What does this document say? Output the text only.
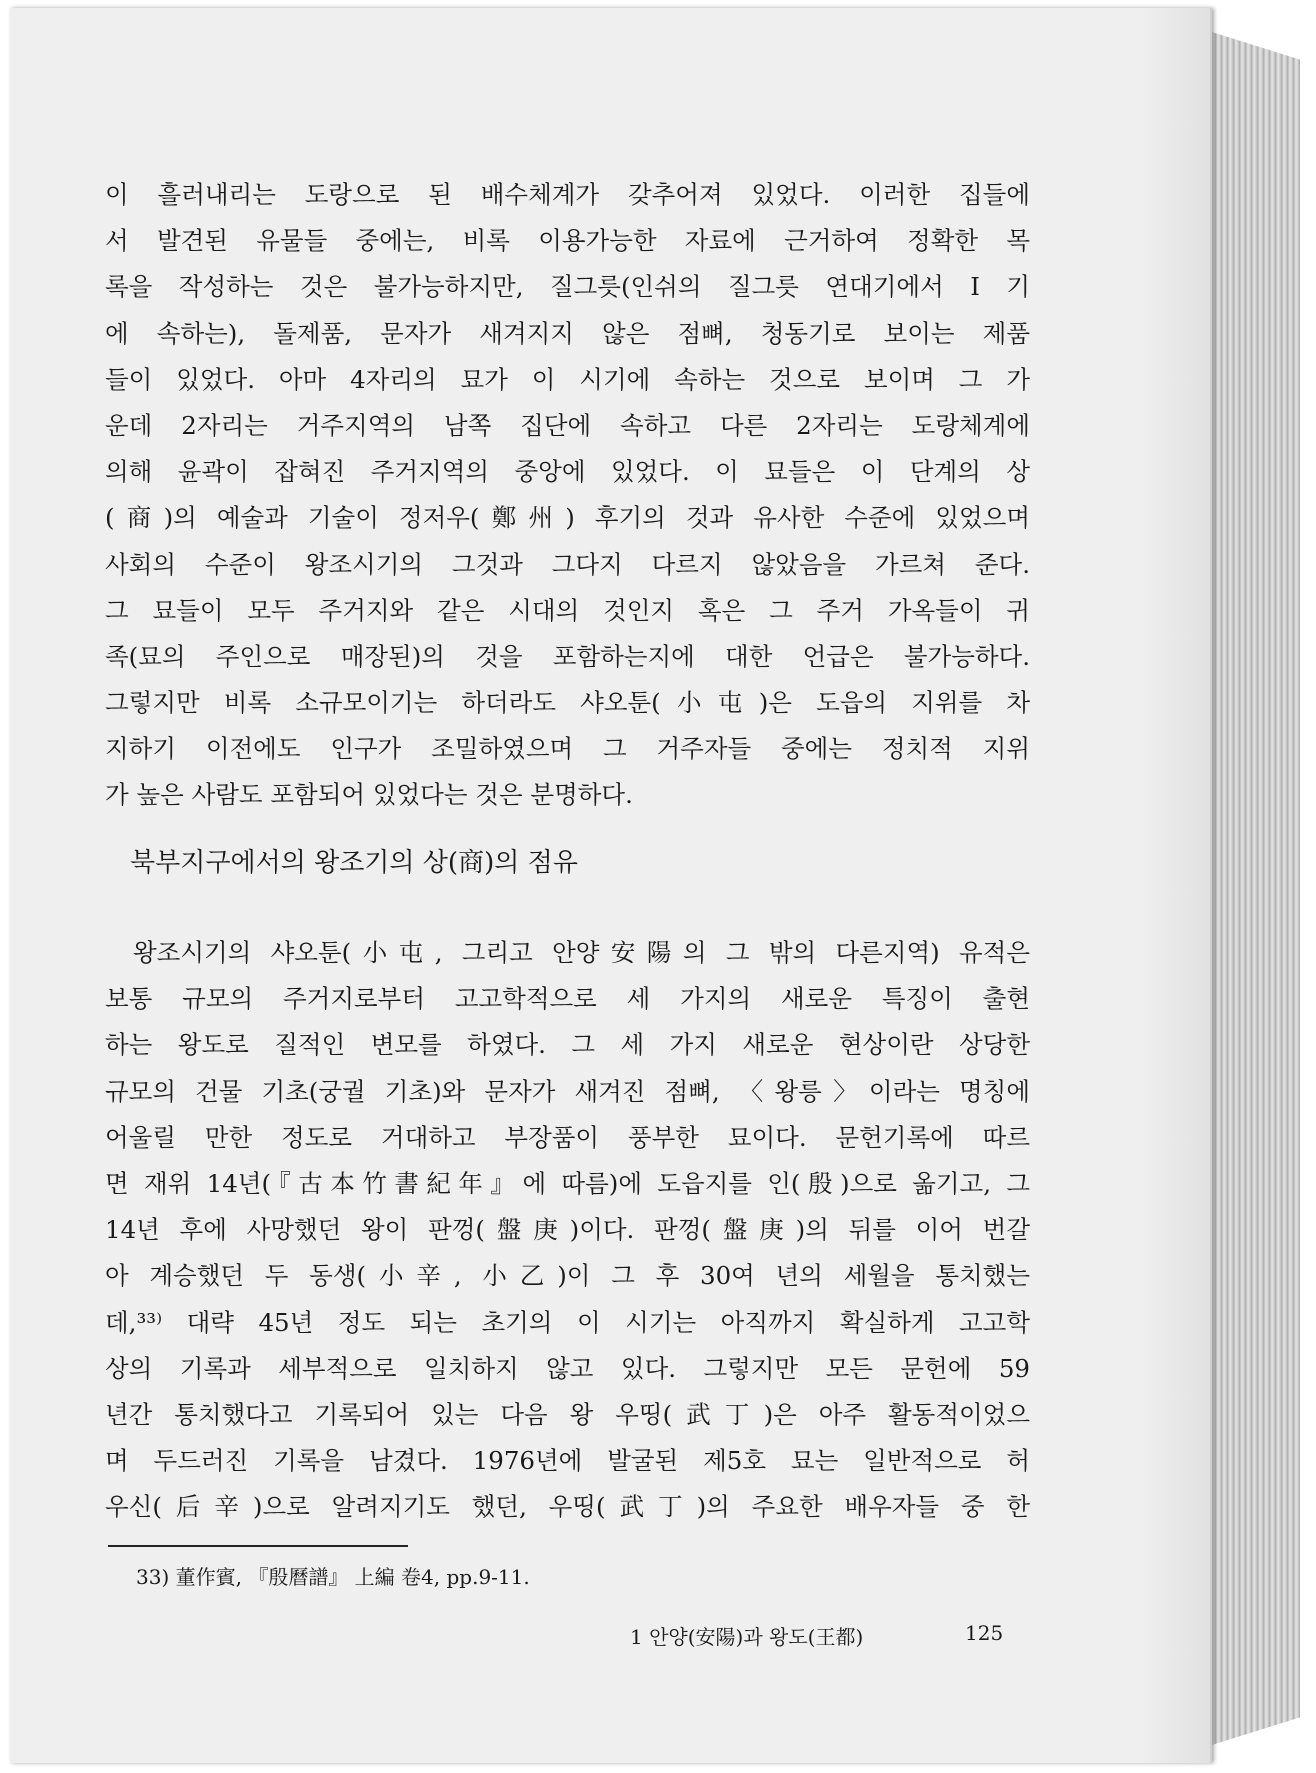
이 흘러내리는 도랑으로 된 배수체계가 갖추어져 있었다. 이러한 집들에
서 발견된 유물들 중에는, 비록 이용가능한 자료에 근거하여 정확한 목
록을 작성하는 것은 불가능하지만, 질그릇(인쉬의 질그릇 연대기에서 I 기
에 속하는), 돌제품, 문자가 새겨지지 않은 점뼈, 청동기로 보이는 제품
들이 있었다. 아마 4자리의 묘가 이 시기에 속하는 것으로 보이며 그 가
운데 2자리는 거주지역의 남쪽 집단에 속하고 다른 2자리는 도랑체계에
의해 윤곽이 잡혀진 주거지역의 중앙에 있었다. 이 묘들은 이 단계의 상
(商)의 예술과 기술이 정저우(鄭州) 후기의 것과 유사한 수준에 있었으며
사회의 수준이 왕조시기의 그것과 그다지 다르지 않았음을 가르쳐 준다.
그 묘들이 모두 주거지와 같은 시대의 것인지 혹은 그 주거 가옥들이 귀
족(묘의 주인으로 매장된)의 것을 포함하는지에 대한 언급은 불가능하다.
그렇지만 비록 소규모이기는 하더라도 샤오툰(小屯)은 도읍의 지위를 차
지하기 이전에도 인구가 조밀하였으며 그 거주자들 중에는 정치적 지위
가 높은 사람도 포함되어 있었다는 것은 분명하다.
북부지구에서의 왕조기의 상(商)의 점유
왕조시기의 샤오툰(小屯, 그리고 안양安陽의 그 밖의 다른지역) 유적은
보통 규모의 주거지로부터 고고학적으로 세 가지의 새로운 특징이 출현
하는 왕도로 질적인 변모를 하였다. 그 세 가지 새로운 현상이란 상당한
규모의 건물 기초(궁궐 기초)와 문자가 새겨진 점뼈, 〈왕릉〉이라는 명칭에
어울릴 만한 정도로 거대하고 부장품이 풍부한 묘이다. 문헌기록에 따르
면 재위 14년(『古本竹書紀年』에 따름)에 도읍지를 인(殷)으로 옮기고, 그
14년 후에 사망했던 왕이 판껑(盤庚)이다. 판껑(盤庚)의 뒤를 이어 번갈
아 계승했던 두 동생(小辛, 小乙)이 그 후 30여 년의 세월을 통치했는
데,³³⁾ 대략 45년 정도 되는 초기의 이 시기는 아직까지 확실하게 고고학
상의 기록과 세부적으로 일치하지 않고 있다. 그렇지만 모든 문헌에 59
년간 통치했다고 기록되어 있는 다음 왕 우띵(武丁)은 아주 활동적이었으
며 두드러진 기록을 남겼다. 1976년에 발굴된 제5호 묘는 일반적으로 허
우신(后辛)으로 알려지기도 했던, 우띵(武丁)의 주요한 배우자들 중 한
33) 董作賓, 『殷曆譜』 上編 卷4, pp.9-11.
1 안양(安陽)과 왕도(王都)	125
